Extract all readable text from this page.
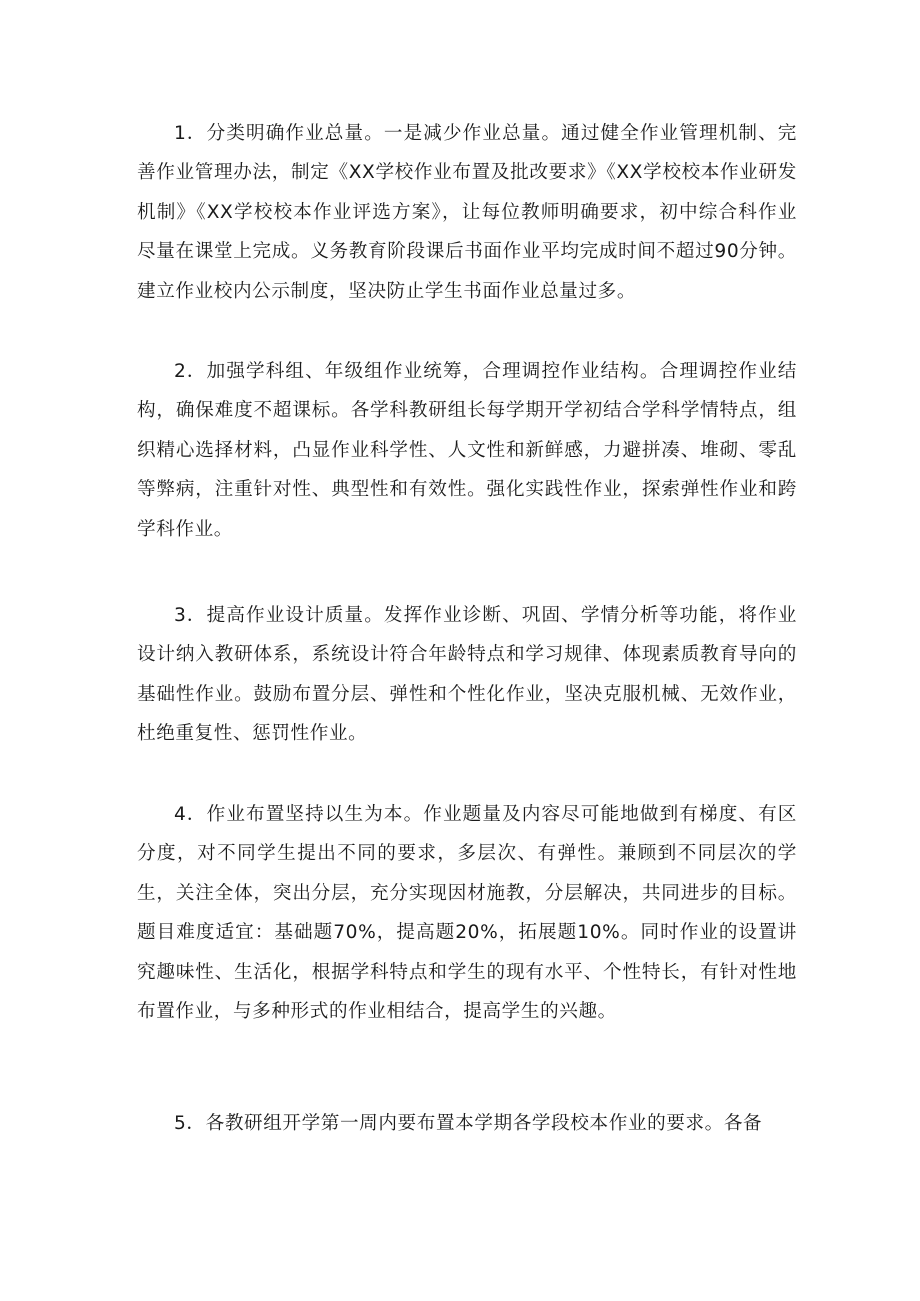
1．分类明确作业总量。一是减少作业总量。通过健全作业管理机制、完善作业管理办法，制定《XX学校作业布置及批改要求》《XX学校校本作业研发机制》《XX学校校本作业评选方案》，让每位教师明确要求，初中综合科作业尽量在课堂上完成。义务教育阶段课后书面作业平均完成时间不超过90分钟。建立作业校内公示制度，坚决防止学生书面作业总量过多。

2．加强学科组、年级组作业统筹，合理调控作业结构。合理调控作业结构，确保难度不超课标。各学科教研组长每学期开学初结合学科学情特点，组织精心选择材料，凸显作业科学性、人文性和新鲜感，力避拼凑、堆砌、零乱等弊病，注重针对性、典型性和有效性。强化实践性作业，探索弹性作业和跨学科作业。

3．提高作业设计质量。发挥作业诊断、巩固、学情分析等功能，将作业设计纳入教研体系，系统设计符合年龄特点和学习规律、体现素质教育导向的基础性作业。鼓励布置分层、弹性和个性化作业，坚决克服机械、无效作业，杜绝重复性、惩罚性作业。

4．作业布置坚持以生为本。作业题量及内容尽可能地做到有梯度、有区分度，对不同学生提出不同的要求，多层次、有弹性。兼顾到不同层次的学生，关注全体，突出分层，充分实现因材施教，分层解决，共同进步的目标。题目难度适宜：基础题70%，提高题20%，拓展题10%。同时作业的设置讲究趣味性、生活化，根据学科特点和学生的现有水平、个性特长，有针对性地布置作业，与多种形式的作业相结合，提高学生的兴趣。

5．各教研组开学第一周内要布置本学期各学段校本作业的要求。各备
